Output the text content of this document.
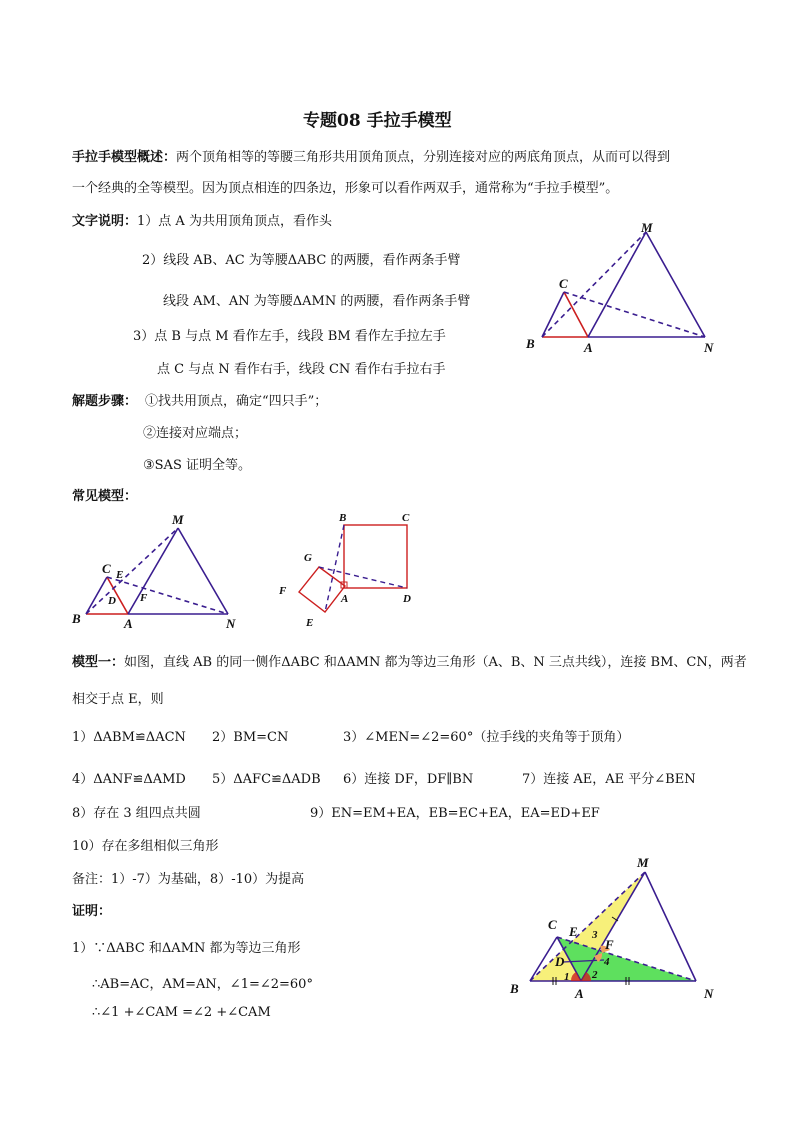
专题08 手拉手模型
手拉手模型概述：两个顶角相等的等腰三角形共用顶角顶点，分别连接对应的两底角顶点，从而可以得到
一个经典的全等模型。因为顶点相连的四条边，形象可以看作两双手，通常称为“手拉手模型”。
文字说明：1）点 A 为共用顶角顶点，看作头
2）线段 AB、AC 为等腰ΔABC 的两腰，看作两条手臂
线段 AM、AN 为等腰ΔAMN 的两腰，看作两条手臂
3）点 B 与点 M 看作左手，线段 BM 看作左手拉左手
点 C 与点 N 看作右手，线段 CN 看作右手拉右手
解题步骤： ①找共用顶点，确定“四只手”；
②连接对应端点；
③SAS 证明全等。
常见模型：
模型一：如图，直线 AB 的同一侧作ΔABC 和ΔAMN 都为等边三角形（A、B、N 三点共线），连接 BM、CN，两者
相交于点 E，则
1）ΔABM≌ΔACN 2）BM=CN	3）∠MEN=∠2=60°（拉手线的夹角等于顶角）
4）ΔANF≌ΔAMD 5）ΔAFC≌ΔADB 6）连接 DF，DF∥BN	7）连接 AE，AE 平分∠BEN
8）存在 3 组四点共圆	9）EN=EM+EA，EB=EC+EA，EA=ED+EF
10）存在多组相似三角形
备注：1）-7）为基础，8）-10）为提高
证明：
1）∵ΔABC 和ΔAMN 都为等边三角形
∴AB=AC，AM=AN，∠1=∠2=60°
∴∠1 +∠CAM =∠2 +∠CAM
M
C
B	A	N
M
C E
D F
B	A	N
B	C
G
F
A	D
E
M
C E 3
F
D
1 2
4
B	A	N
